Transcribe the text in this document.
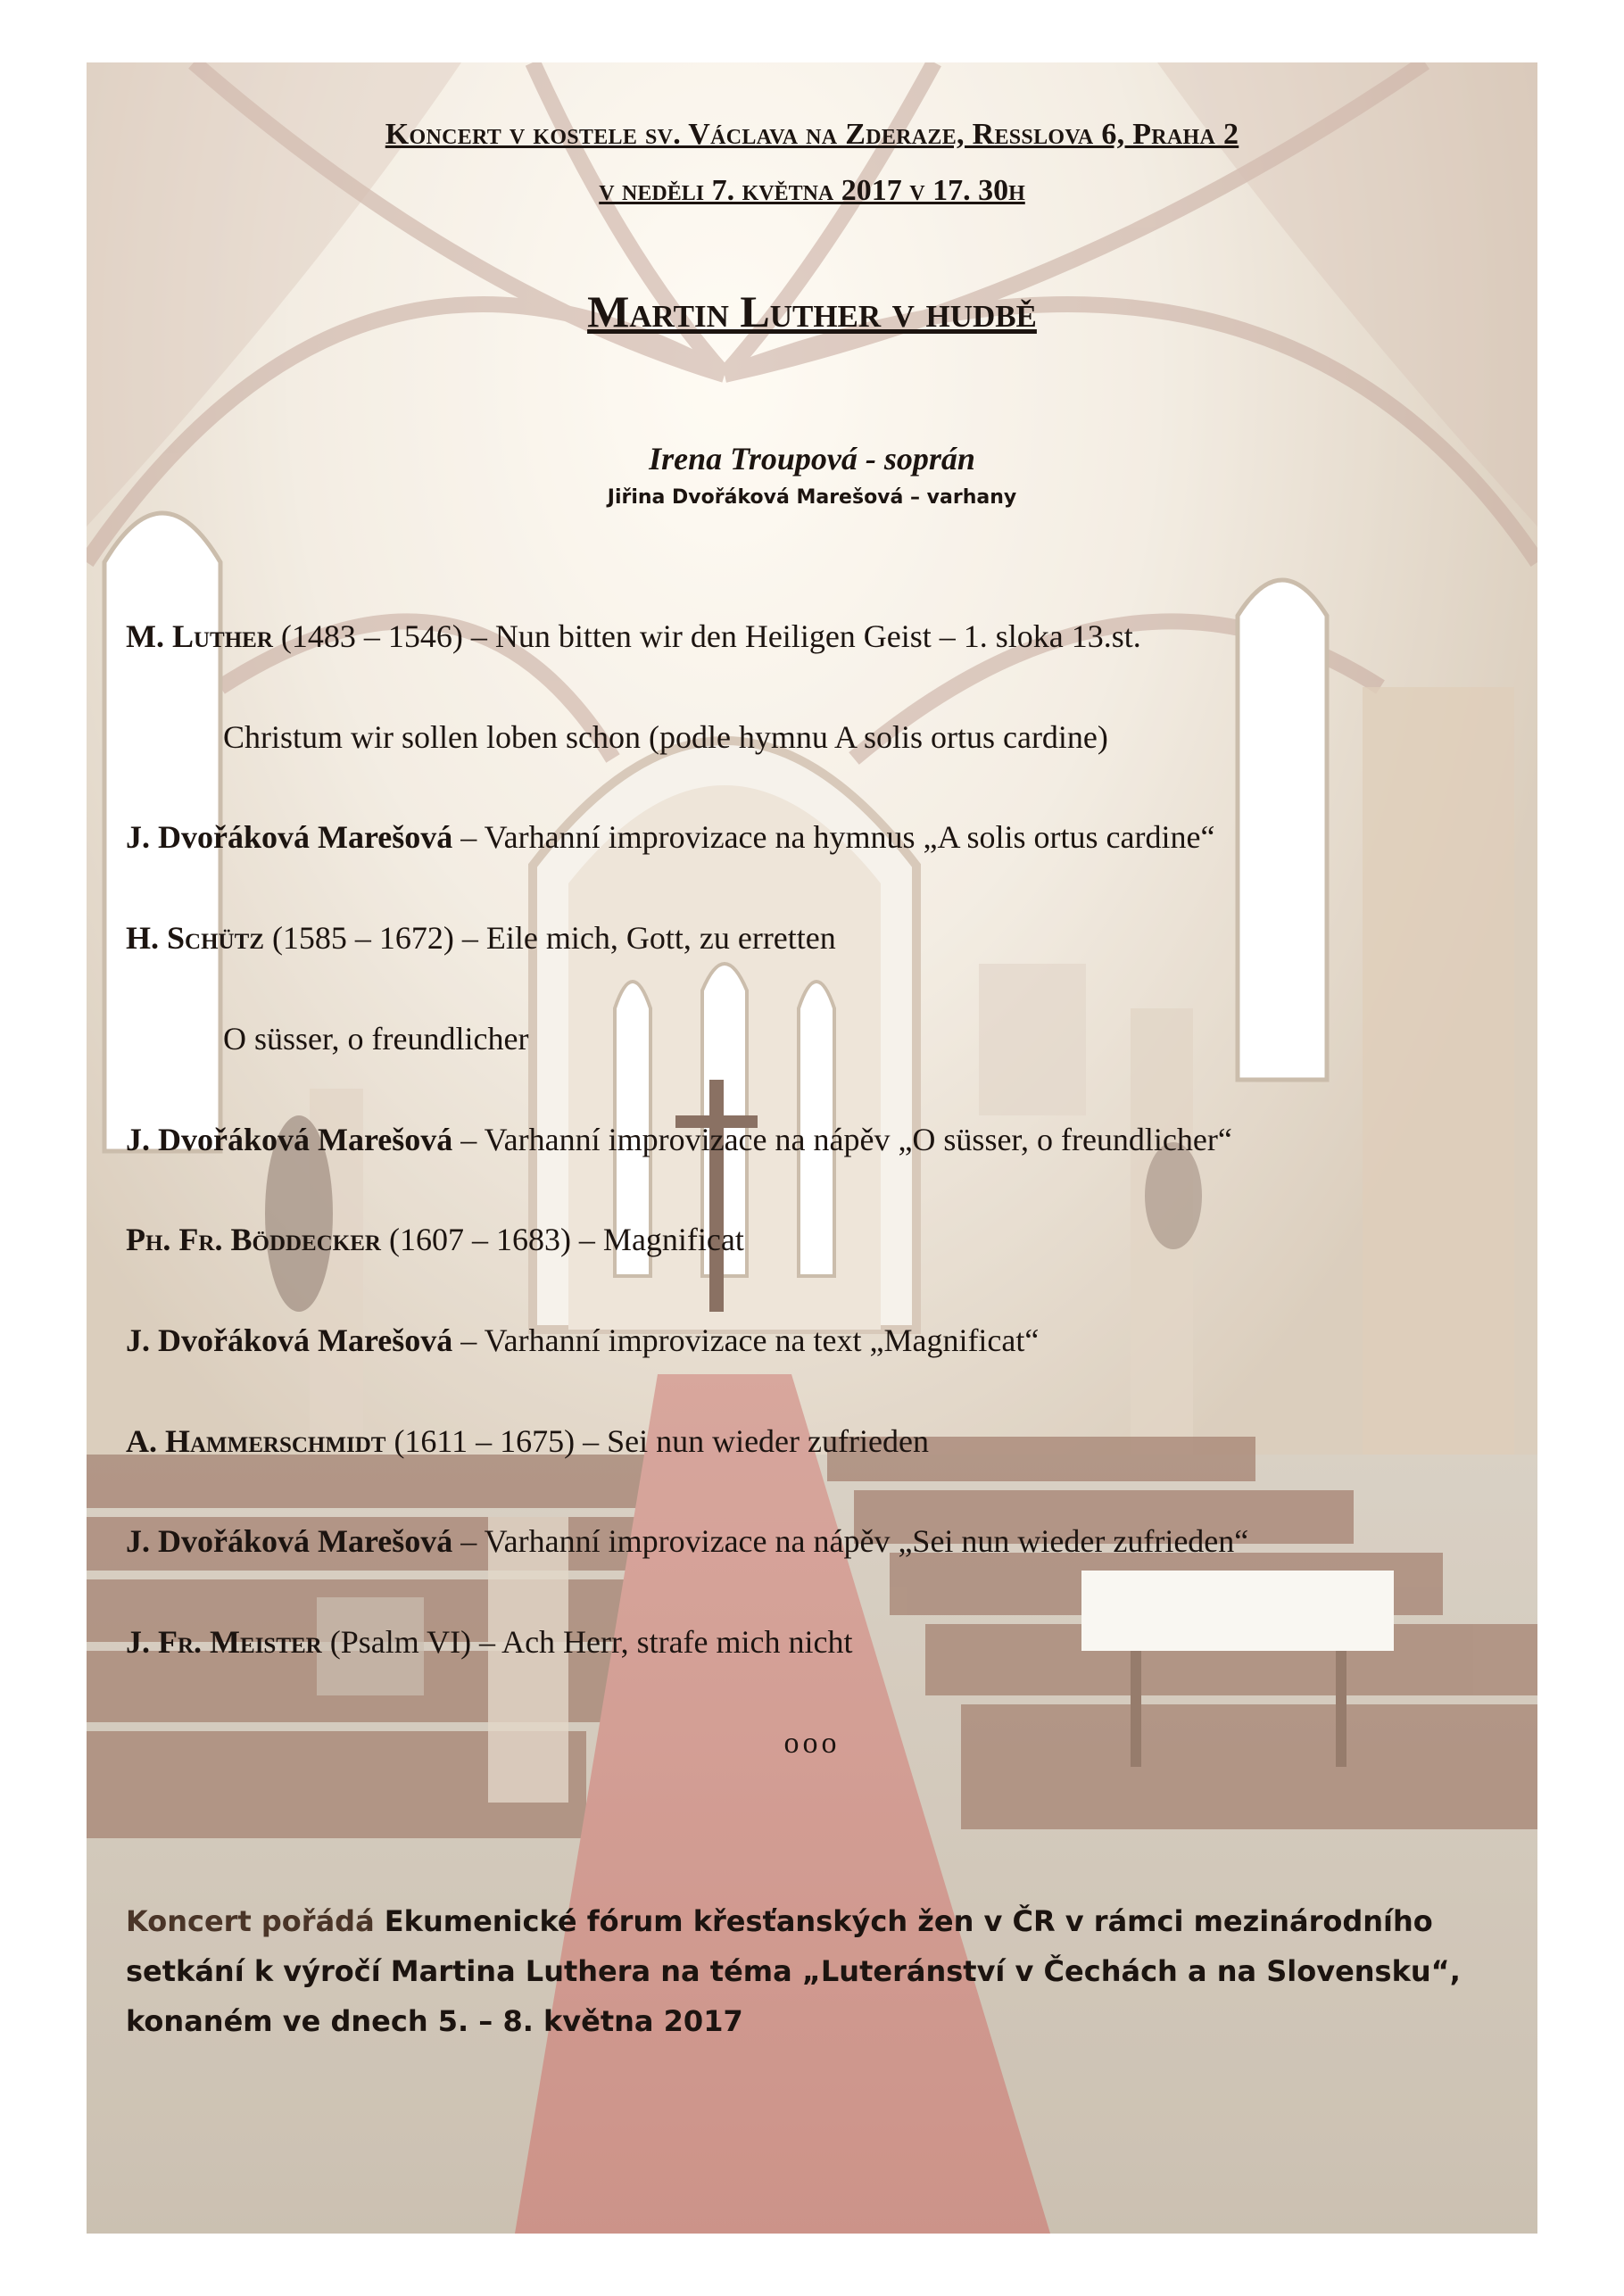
Koncert v kostele sv. Václava na Zderaze, Resslova 6, Praha 2
v neděli 7. května 2017 v 17. 30h
Martin Luther v hudbě
Irena Troupová - soprán
Jiřina Dvořáková Marešová – varhany
M. Luther (1483 – 1546) – Nun bitten wir den Heiligen Geist – 1. sloka 13.st.
Christum wir sollen loben schon (podle hymnu A solis ortus cardine)
J. Dvořáková Marešová – Varhanní improvizace na hymnus „A solis ortus cardine“
H. Schütz (1585 – 1672) – Eile mich, Gott, zu erretten
O süsser, o freundlicher
J. Dvořáková Marešová – Varhanní improvizace na nápěv „O süsser, o freundlicher“
Ph. Fr. Böddecker (1607 – 1683) – Magnificat
J. Dvořáková Marešová – Varhanní improvizace na text „Magnificat“
A. Hammerschmidt (1611 – 1675) – Sei nun wieder zufrieden
J. Dvořáková Marešová – Varhanní improvizace na nápěv „Sei nun wieder zufrieden“
J. Fr. Meister (Psalm VI) – Ach Herr, strafe mich nicht
ooo
Koncert pořádá Ekumenické fórum křesťanských žen v ČR v rámci mezinárodního setkání k výročí Martina Luthera na téma „Luteránství v Čechách a na Slovensku“, konaném ve dnech 5. – 8. května 2017
